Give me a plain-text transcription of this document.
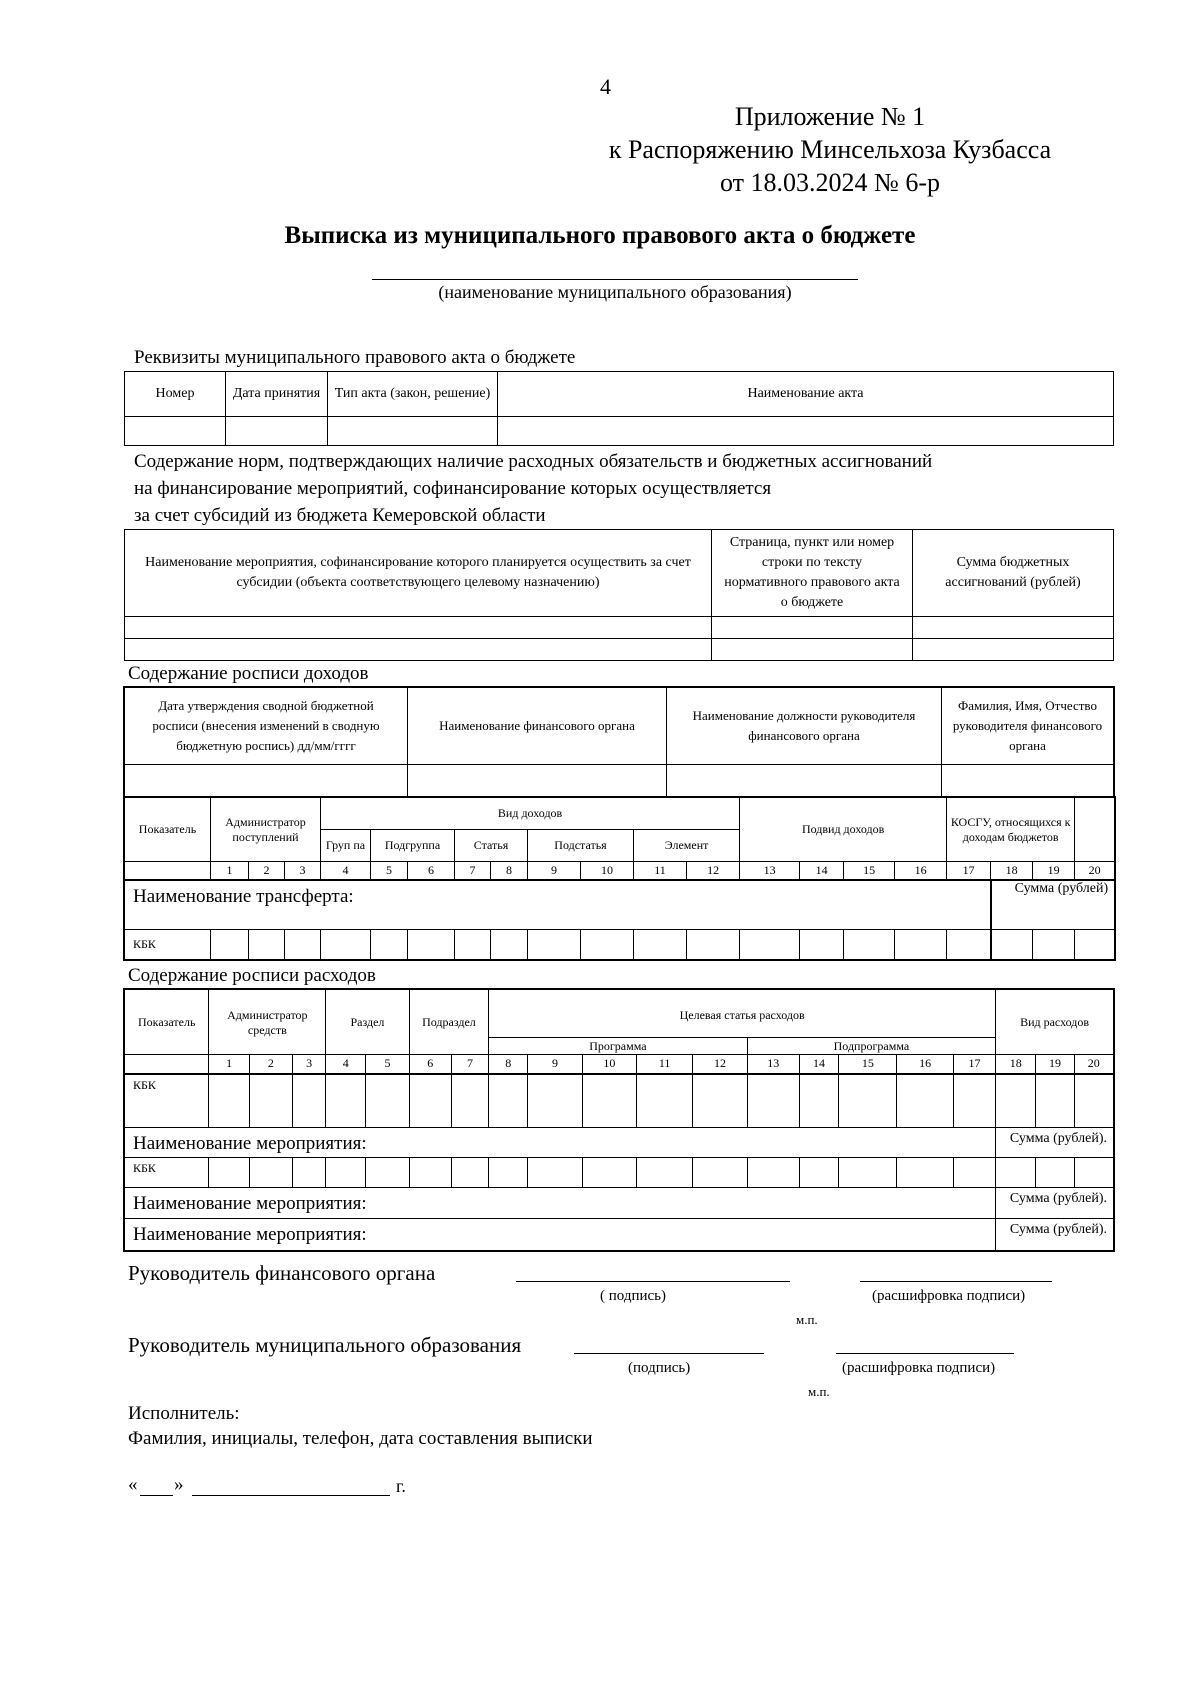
4
Приложение № 1
к Распоряжению Минсельхоза Кузбасса
от 18.03.2024 № 6-р
Выписка из муниципального правового акта о бюджете
(наименование муниципального образования)
Реквизиты муниципального правового акта о бюджете
Номер	Дата принятия	Тип акта (закон, решение)	Наименование акта

Содержание норм, подтверждающих наличие расходных обязательств и бюджетных ассигнований
на финансирование мероприятий, софинансирование которых осуществляется
за счет субсидий из бюджета Кемеровской области
Наименование мероприятия, софинансирование которого планируется осуществить за счет субсидии (объекта соответствующего целевому назначению)	Страница, пункт или номер строки по тексту нормативного правового акта о бюджете	Сумма бюджетных ассигнований (рублей)

Содержание росписи доходов
Дата утверждения сводной бюджетной росписи (внесения изменений в сводную бюджетную роспись) дд/мм/гггг	Наименование финансового органа	Наименование должности руководителя финансового органа	Фамилия, Имя, Отчество руководителя финансового органа

Показатель	Администратор поступлений			Вид доходов									Подвид доходов				КОСГУ, относящихся к доходам бюджетов			
				Груп па	Подгруппа		Статья		Подстатья		Элемент									
	1	2	3	4	5	6	7	8	9	10	11	12	13	14	15	16	17	18	19	20
Наименование трансферта:																		Сумма (рублей)		
КБК																				
Содержание росписи расходов
Показатель	Администратор средств			Раздел		Подраздел		Целевая статья расходов										Вид расходов		
								Программа					Подпрограмма							
	1	2	3	4	5	6	7	8	9	10	11	12	13	14	15	16	17	18	19	20
КБК																				
Наименование мероприятия:																		Сумма (рублей).		
КБК																				
Наименование мероприятия:																		Сумма (рублей).		
Наименование мероприятия:																		Сумма (рублей).		
Руководитель финансового органа
( подпись)	(расшифровка подписи)
м.п.
Руководитель муниципального образования
(подпись)	(расшифровка подписи)
м.п.
Исполнитель:
Фамилия, инициалы, телефон, дата составления выписки
« »	г.
